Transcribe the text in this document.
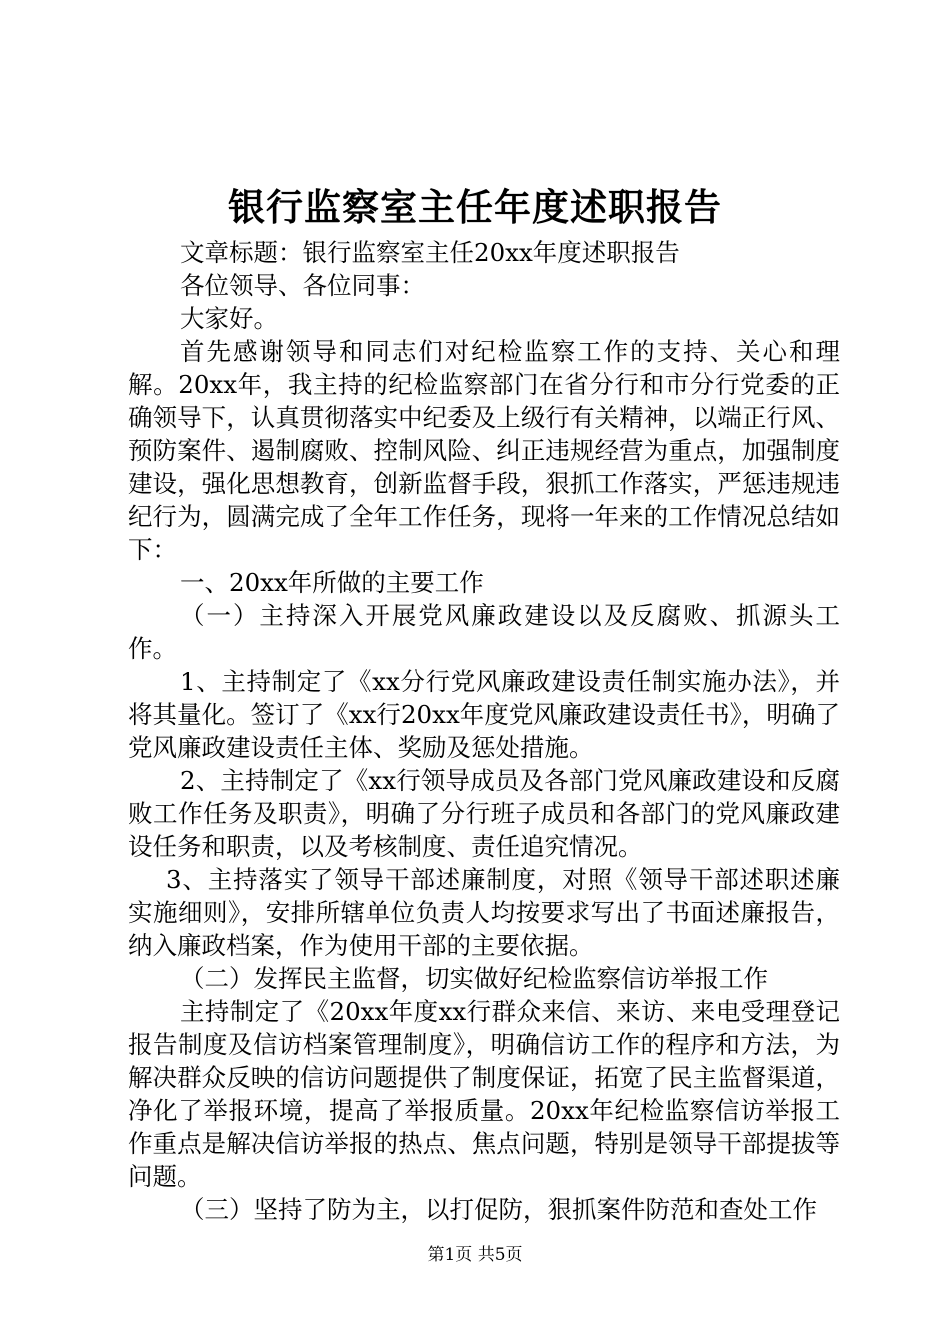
银行监察室主任年度述职报告

文章标题：银行监察室主任20xx年度述职报告

各位领导、各位同事：

大家好。

首先感谢领导和同志们对纪检监察工作的支持、关心和理解。20xx年，我主持的纪检监察部门在省分行和市分行党委的正确领导下，认真贯彻落实中纪委及上级行有关精神，以端正行风、预防案件、遏制腐败、控制风险、纠正违规经营为重点，加强制度建设，强化思想教育，创新监督手段，狠抓工作落实，严惩违规违纪行为，圆满完成了全年工作任务，现将一年来的工作情况总结如下：

一、20xx年所做的主要工作

（一）主持深入开展党风廉政建设以及反腐败、抓源头工作。

1、主持制定了《xx分行党风廉政建设责任制实施办法》，并将其量化。签订了《xx行20xx年度党风廉政建设责任书》，明确了党风廉政建设责任主体、奖励及惩处措施。

2、主持制定了《xx行领导成员及各部门党风廉政建设和反腐败工作任务及职责》，明确了分行班子成员和各部门的党风廉政建设任务和职责，以及考核制度、责任追究情况。

3、主持落实了领导干部述廉制度，对照《领导干部述职述廉实施细则》，安排所辖单位负责人均按要求写出了书面述廉报告，纳入廉政档案，作为使用干部的主要依据。

（二）发挥民主监督，切实做好纪检监察信访举报工作

主持制定了《20xx年度xx行群众来信、来访、来电受理登记报告制度及信访档案管理制度》，明确信访工作的程序和方法，为解决群众反映的信访问题提供了制度保证，拓宽了民主监督渠道，净化了举报环境，提高了举报质量。20xx年纪检监察信访举报工作重点是解决信访举报的热点、焦点问题，特别是领导干部提拔等问题。

（三）坚持了防为主，以打促防，狠抓案件防范和查处工作

第1页 共5页
